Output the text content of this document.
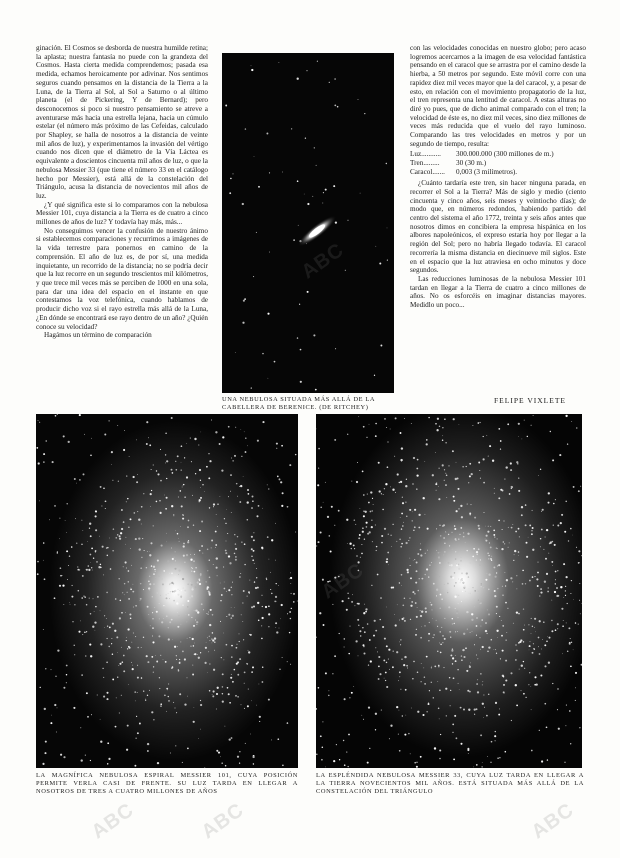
ginación. El Cosmos se desborda de nuestra humilde retina; la aplasta; nuestra fantasía no puede con la grandeza del Cosmos. Hasta cierta medida comprendemos; pasada esa medida, echamos heroicamente por adivinar. Nos sentimos seguros cuando pensamos en la distancia de la Tierra a la Luna, de la Tierra al Sol, al Sol a Saturno o al último planeta (el de Pickering, Y de Bernard); pero desconocemos si poco si nuestro pensamiento se atreve a aventurarse más hacia una estrella lejana, hacia un cúmulo estelar (el número más próximo de las Cefeidas, calculado por Shapley, se halla de nosotros a la distancia de veinte mil años de luz), y experimentamos la invasión del vértigo cuando nos dicen que el diámetro de la Vía Láctea es equivalente a doscientos cincuenta mil años de luz, o que la nebulosa Messier 33 (que tiene el número 33 en el catálogo hecho por Messier), está allá de la constelación del Triángulo, acusa la distancia de novecientos mil años de luz.

¿Y qué significa este si lo comparamos con la nebulosa Messier 101, cuya distancia a la Tierra es de cuatro a cinco millones de años de luz? Y todavía hay más, más...

No conseguimos vencer la confusión de nuestro ánimo si establecemos comparaciones y recurrimos a imágenes de la vida terrestre para ponernos en camino de la comprensión. El año de luz es, de por sí, una medida inquietante, un recorrido de la distancia; no se podría decir que la luz recorre en un segundo trescientos mil kilómetros, y que trece mil veces más se perciben de 1000 en una sola, para dar una idea del espacio en el instante en que contestamos la voz telefónica, cuando hablamos de producir dicho voz si el rayo estrella más allá de la Luna, ¿En dónde se encontrará ese rayo dentro de un año? ¿Quién conoce su velocidad?

Hagámos un término de comparación

UNA NEBULOSA SITUADA MÁS ALLÁ DE LA CABELLERA DE BERENICE. (DE RITCHEY)

con las velocidades conocidas en nuestro globo; pero acaso logremos acercarnos a la imagen de esa velocidad fantástica pensando en el caracol que se arrastra por el camino desde la hierba, a 50 metros por segundo. Este móvil corre con una rapidez diez mil veces mayor que la del caracol, y, a pesar de esto, en relación con el movimiento propagatorio de la luz, el tren representa una lentitud de caracol. A estas alturas no diré yo pues, que de dicho animal comparado con el tren; la velocidad de éste es, no diez mil veces, sino diez millones de veces más reducida que el vuelo del rayo luminoso. Comparando las tres velocidades en metros y por un segundo de tiempo, resulta:

Luz...........	300.000.000 (300 millones de m.)
Tren.........	30 (30 m.)
Caracol.......	0,003 (3 milímetros).

¿Cuánto tardaría este tren, sin hacer ninguna parada, en recorrer el Sol a la Tierra? Más de siglo y medio (ciento cincuenta y cinco años, seis meses y veintiocho días); de modo que, en números redondos, habiendo partido del centro del sistema el año 1772, treinta y seis años antes que nosotros dimos en concibiera la empresa hispánica en los albores napoleónicos, el expreso estaría hoy por llegar a la región del Sol; pero no habría llegado todavía. El caracol recorrería la misma distancia en diecinueve mil siglos. Este en el espacio que la luz atraviesa en ocho minutos y doce segundos.

Las reducciones luminosas de la nebulosa Messier 101 tardan en llegar a la Tierra de cuatro a cinco millones de años. No os esforcéis en imaginar distancias mayores. Medidlo un poco...

FELIPE VIXLETE
LA MAGNÍFICA NEBULOSA ESPIRAL MESSIER 101, CUYA POSICIÓN PERMITE VERLA CASI DE FRENTE. SU LUZ TARDA EN LLEGAR A NOSOTROS DE TRES A CUATRO MILLONES DE AÑOS
LA ESPLÉNDIDA NEBULOSA MESSIER 33, CUYA LUZ TARDA EN LLEGAR A LA TIERRA NOVECIENTOS MIL AÑOS. ESTÁ SITUADA MÁS ALLÁ DE LA CONSTELACIÓN DEL TRIÁNGULO
ABC	ABC
ABC
